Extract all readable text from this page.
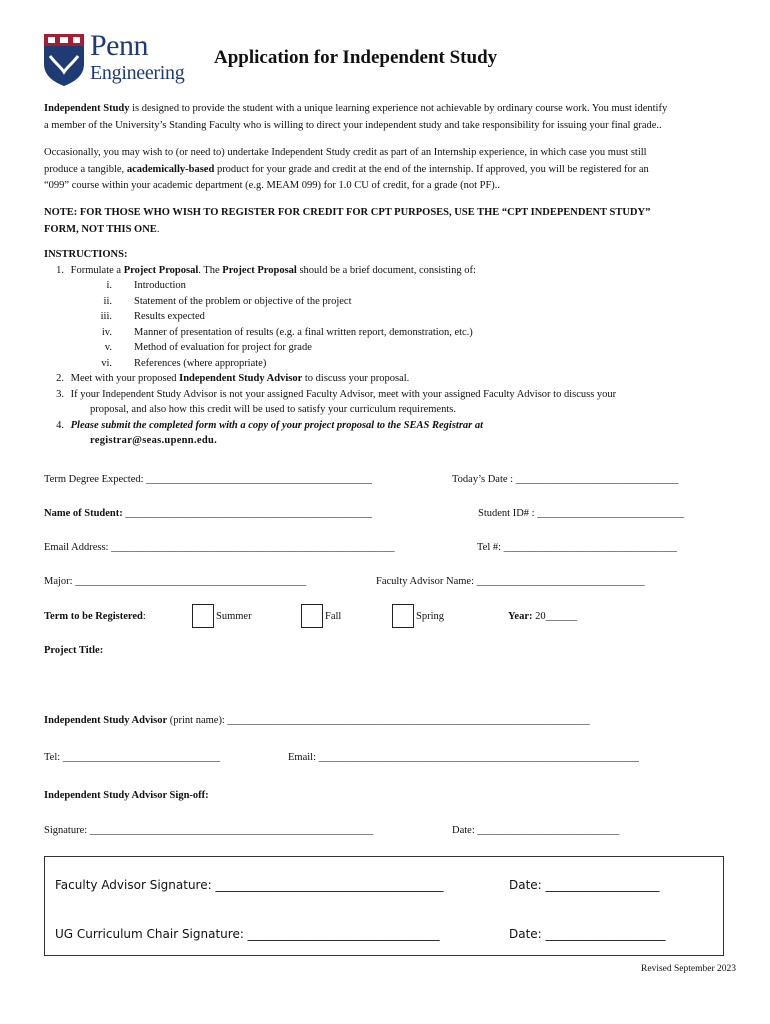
Penn
Engineering
Application for Independent Study
Independent Study is designed to provide the student with a unique learning experience not achievable by ordinary course work. You must identify
a member of the University’s Standing Faculty who is willing to direct your independent study and take responsibility for issuing your final grade..
Occasionally, you may wish to (or need to) undertake Independent Study credit as part of an Internship experience, in which case you must still
produce a tangible, academically-based product for your grade and credit at the end of the internship. If approved, you will be registered for an
“099” course within your academic department (e.g. MEAM 099) for 1.0 CU of credit, for a grade (not PF)..
NOTE: FOR THOSE WHO WISH TO REGISTER FOR CREDIT FOR CPT PURPOSES, USE THE “CPT INDEPENDENT STUDY”
FORM, NOT THIS ONE.
INSTRUCTIONS:
1. Formulate a Project Proposal. The Project Proposal should be a brief document, consisting of:
i. Introduction
ii. Statement of the problem or objective of the project
iii. Results expected
iv. Manner of presentation of results (e.g. a final written report, demonstration, etc.)
v. Method of evaluation for project for grade
vi. References (where appropriate)
2. Meet with your proposed Independent Study Advisor to discuss your proposal.
3. If your Independent Study Advisor is not your assigned Faculty Advisor, meet with your assigned Faculty Advisor to discuss your
proposal, and also how this credit will be used to satisfy your curriculum requirements.
4. Please submit the completed form with a copy of your project proposal to the SEAS Registrar at
registrar@seas.upenn.edu.
Term Degree Expected: ___________________________________________	Today’s Date : _______________________________
Name of Student: _______________________________________________	Student ID# : ____________________________
Email Address: ______________________________________________________	Tel #: _________________________________
Major: ____________________________________________	Faculty Advisor Name: ________________________________
Term to be Registered:	Summer	Fall	Spring	Year: 20______
Project Title:
Independent Study Advisor (print name): _____________________________________________________________________
Tel: ______________________________	Email: _____________________________________________________________
Independent Study Advisor Sign-off:
Signature: ______________________________________________________	Date: ___________________________
Faculty Advisor Signature: ______________________________________	Date: ___________________
UG Curriculum Chair Signature: ________________________________	Date: ____________________
Revised September 2023
